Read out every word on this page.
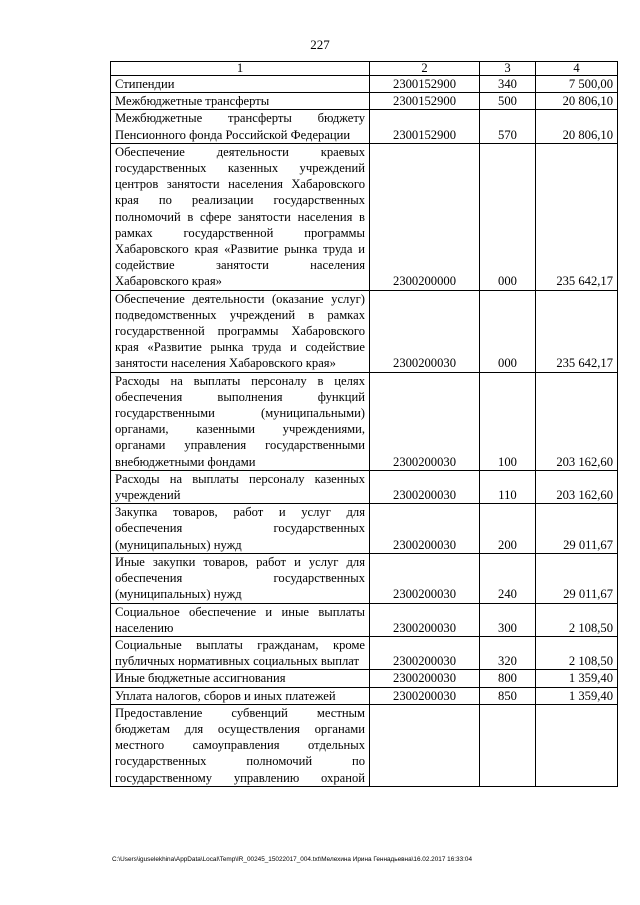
227
1	2	3	4
Стипендии	2300152900	340	7 500,00
Межбюджетные трансферты	2300152900	500	20 806,10
Межбюджетные трансферты бюджету Пенсионного фонда Российской Федерации	2300152900	570	20 806,10
Обеспечение деятельности краевых государственных казенных учреждений центров занятости населения Хабаровского края по реализации государственных полномочий в сфере занятости населения в рамках государственной программы Хабаровского края «Развитие рынка труда и содействие занятости населения Хабаровского края»	2300200000	000	235 642,17
Обеспечение деятельности (оказание услуг) подведомственных учреждений в рамках государственной программы Хабаровского края «Развитие рынка труда и содействие занятости населения Хабаровского края»	2300200030	000	235 642,17
Расходы на выплаты персоналу в целях обеспечения выполнения функций государственными (муниципальными) органами, казенными учреждениями, органами управления государственными внебюджетными фондами	2300200030	100	203 162,60
Расходы на выплаты персоналу казенных учреждений	2300200030	110	203 162,60
Закупка товаров, работ и услуг для обеспечения государственных (муниципальных) нужд	2300200030	200	29 011,67
Иные закупки товаров, работ и услуг для обеспечения государственных (муниципальных) нужд	2300200030	240	29 011,67
Социальное обеспечение и иные выплаты населению	2300200030	300	2 108,50
Социальные выплаты гражданам, кроме публичных нормативных социальных выплат	2300200030	320	2 108,50
Иные бюджетные ассигнования	2300200030	800	1 359,40
Уплата налогов, сборов и иных платежей	2300200030	850	1 359,40
Предоставление субвенций местным бюджетам для осуществления органами местного самоуправления отдельных государственных полномочий по государственному управлению охраной			
C:\Users\iguselekhina\AppData\Local\Temp\IR_00245_15022017_004.txt\Мелехина Ирина Геннадьевна\16.02.2017 16:33:04
